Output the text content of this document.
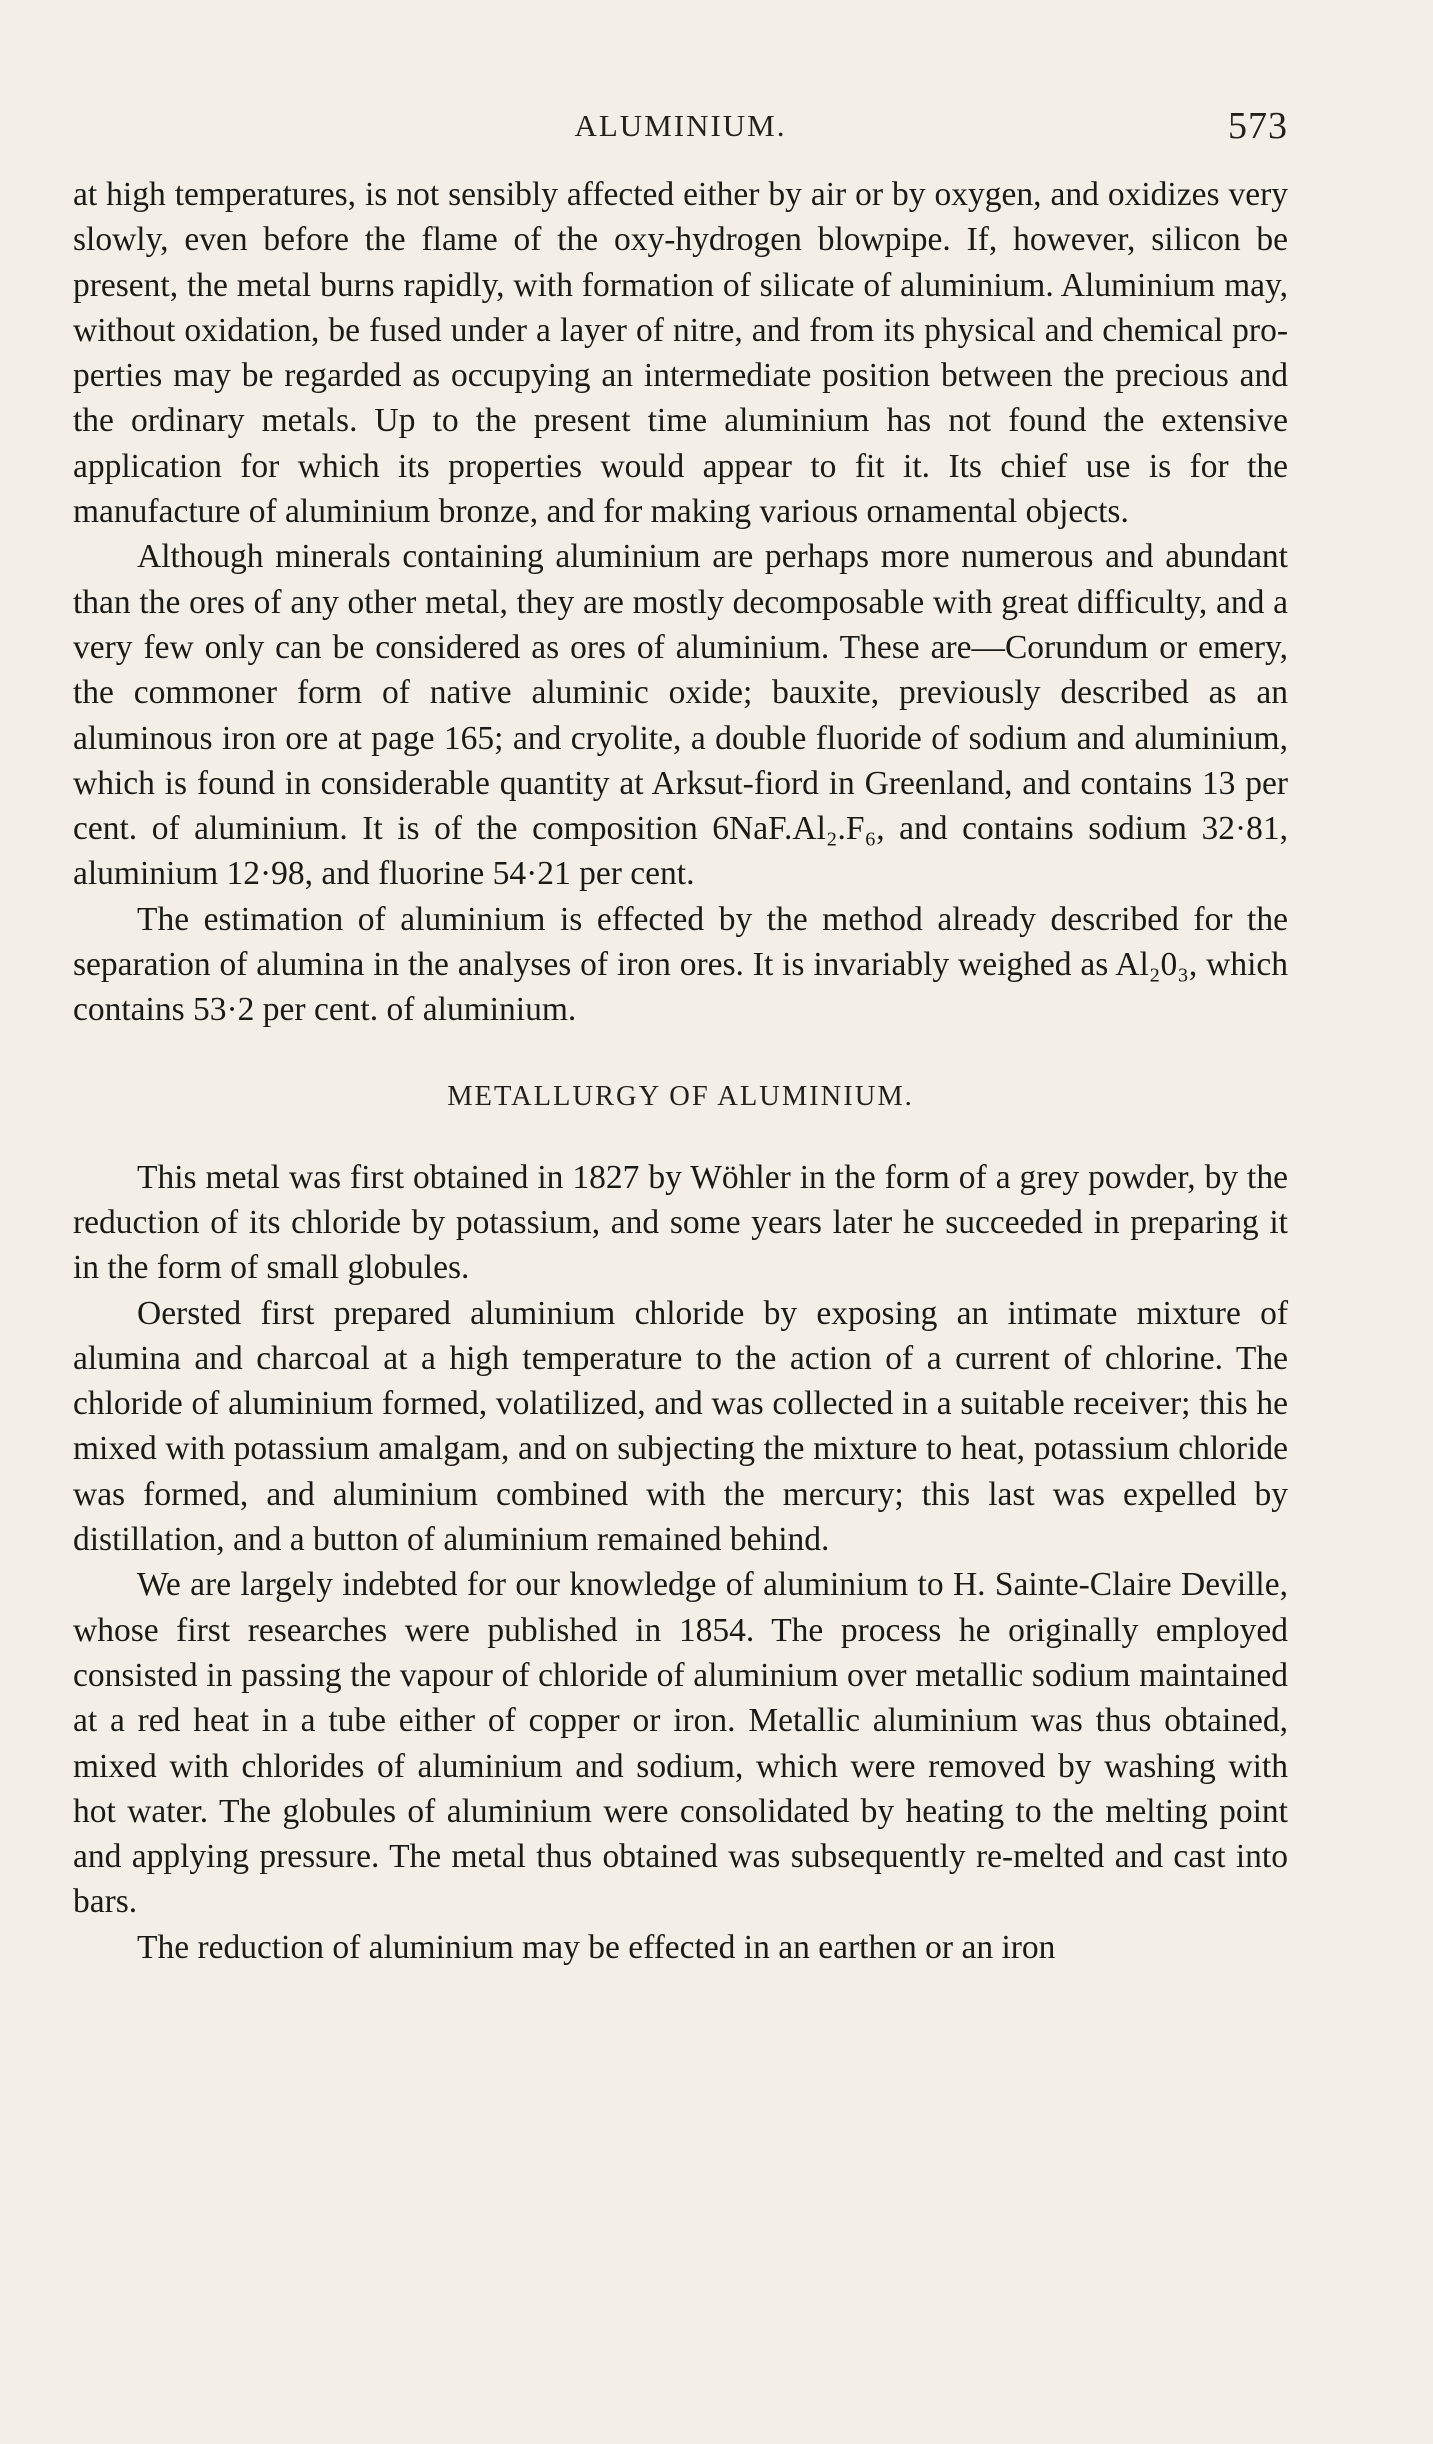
ALUMINIUM.	573

at high temperatures, is not sensibly affected either by air or by oxygen, and oxidizes very slowly, even before the flame of the oxy-hydrogen blowpipe. If, however, silicon be present, the metal burns rapidly, with formation of silicate of aluminium. Aluminium may, without oxidation, be fused under a layer of nitre, and from its physical and chemical properties may be regarded as occupying an intermediate position between the precious and the ordinary metals. Up to the present time aluminium has not found the extensive application for which its properties would appear to fit it. Its chief use is for the manufacture of aluminium bronze, and for making various ornamental objects.

Although minerals containing aluminium are perhaps more numerous and abundant than the ores of any other metal, they are mostly decomposable with great difficulty, and a very few only can be considered as ores of aluminium. These are—Corundum or emery, the commoner form of native aluminic oxide; bauxite, previously described as an aluminous iron ore at page 165; and cryolite, a double fluoride of sodium and aluminium, which is found in considerable quantity at Arksut-fiord in Greenland, and contains 13 per cent. of aluminium. It is of the composition 6NaF.Al₂.F₆, and contains sodium 32·81, aluminium 12·98, and fluorine 54·21 per cent.

The estimation of aluminium is effected by the method already described for the separation of alumina in the analyses of iron ores. It is invariably weighed as Al₂0₃, which contains 53·2 per cent. of aluminium.

METALLURGY OF ALUMINIUM.

This metal was first obtained in 1827 by Wöhler in the form of a grey powder, by the reduction of its chloride by potassium, and some years later he succeeded in preparing it in the form of small globules.

Oersted first prepared aluminium chloride by exposing an intimate mixture of alumina and charcoal at a high temperature to the action of a current of chlorine. The chloride of aluminium formed, volatilized, and was collected in a suitable receiver; this he mixed with potassium amalgam, and on subjecting the mixture to heat, potassium chloride was formed, and aluminium combined with the mercury; this last was expelled by distillation, and a button of aluminium remained behind.

We are largely indebted for our knowledge of aluminium to H. Sainte-Claire Deville, whose first researches were published in 1854. The process he originally employed consisted in passing the vapour of chloride of aluminium over metallic sodium maintained at a red heat in a tube either of copper or iron. Metallic aluminium was thus obtained, mixed with chlorides of aluminium and sodium, which were removed by washing with hot water. The globules of aluminium were consolidated by heating to the melting point and applying pressure. The metal thus obtained was subsequently re-melted and cast into bars.

The reduction of aluminium may be effected in an earthen or an iron
